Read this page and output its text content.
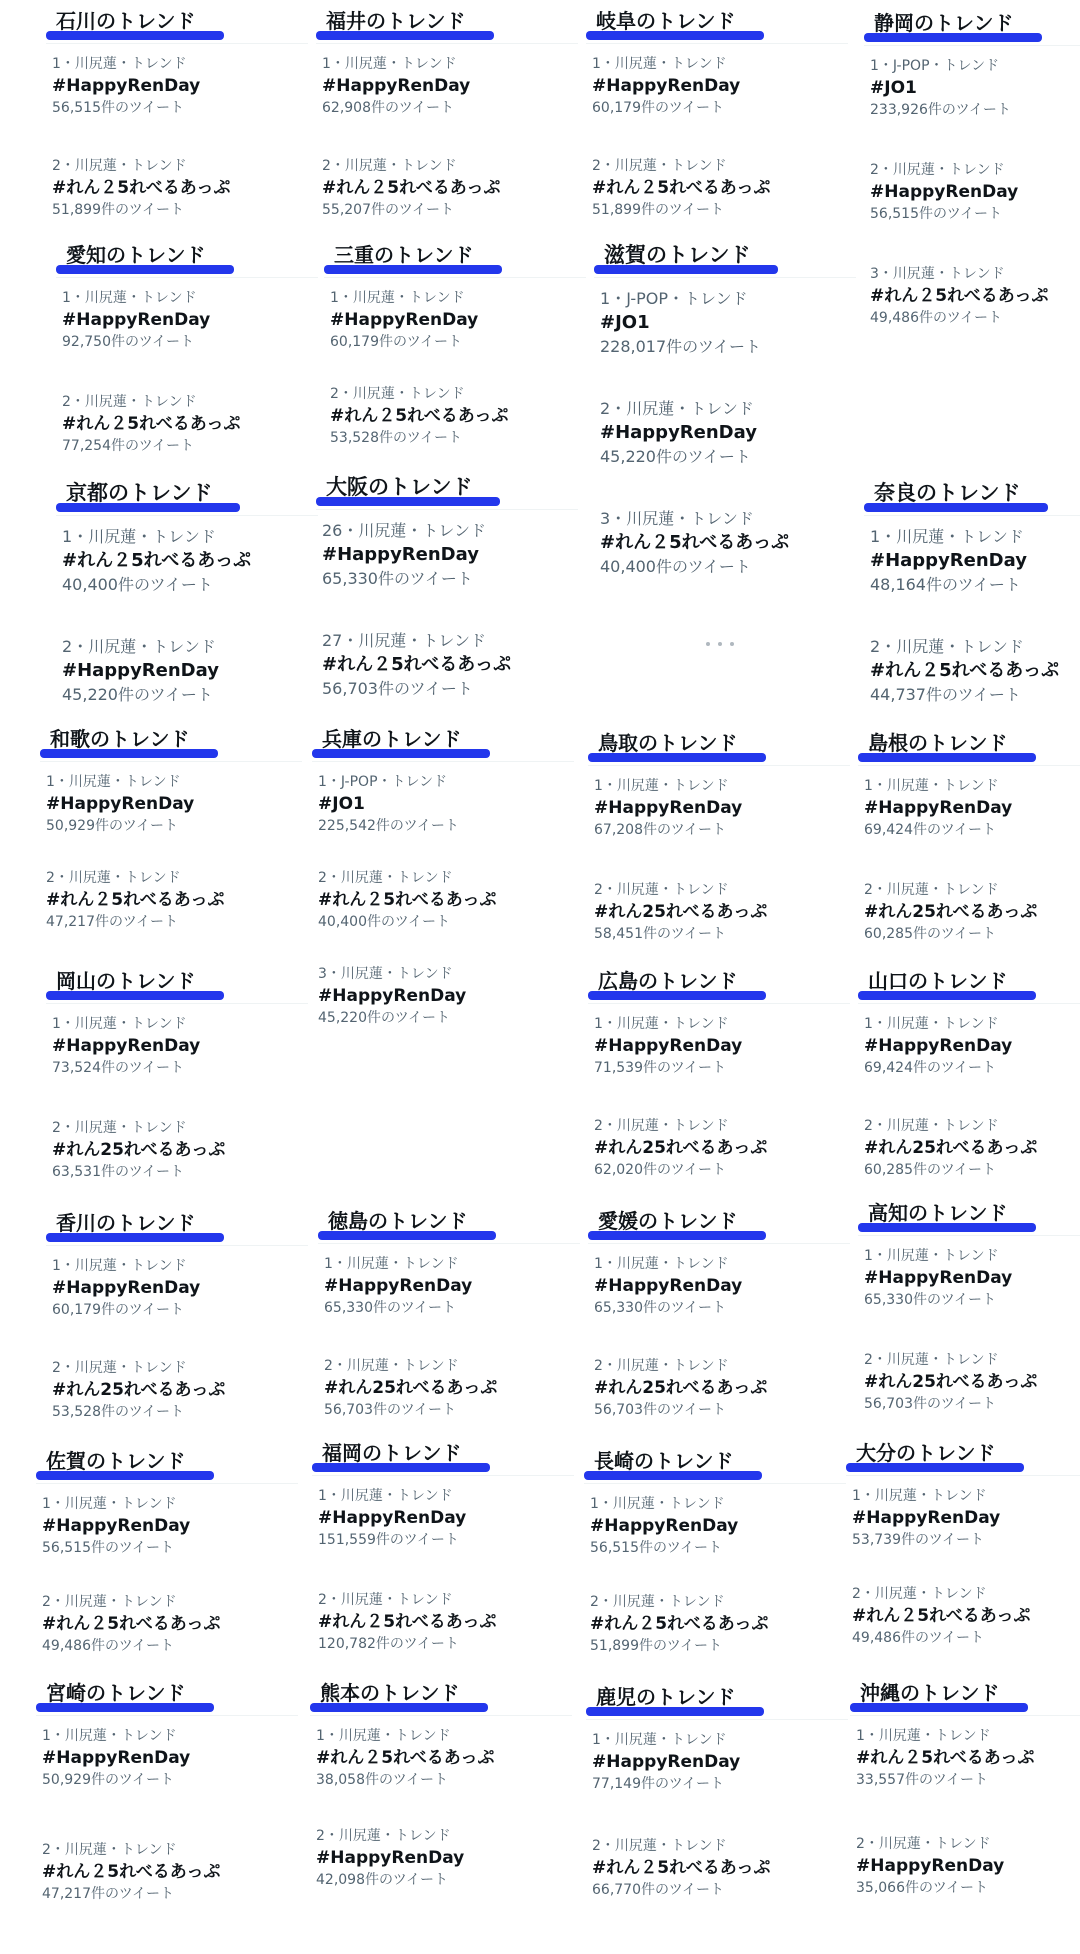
石川のトレンド
1・川尻蓮・トレンド
#HappyRenDay
56,515件のツイート
2・川尻蓮・トレンド
#れん２5れべるあっぷ
51,899件のツイート
福井のトレンド
1・川尻蓮・トレンド
#HappyRenDay
62,908件のツイート
2・川尻蓮・トレンド
#れん２5れべるあっぷ
55,207件のツイート
岐阜のトレンド
1・川尻蓮・トレンド
#HappyRenDay
60,179件のツイート
2・川尻蓮・トレンド
#れん２5れべるあっぷ
51,899件のツイート
静岡のトレンド
1・J-POP・トレンド
#JO1
233,926件のツイート
2・川尻蓮・トレンド
#HappyRenDay
56,515件のツイート
3・川尻蓮・トレンド
#れん２5れべるあっぷ
49,486件のツイート
愛知のトレンド
1・川尻蓮・トレンド
#HappyRenDay
92,750件のツイート
2・川尻蓮・トレンド
#れん２5れべるあっぷ
77,254件のツイート
三重のトレンド
1・川尻蓮・トレンド
#HappyRenDay
60,179件のツイート
2・川尻蓮・トレンド
#れん２5れべるあっぷ
53,528件のツイート
滋賀のトレンド
1・J-POP・トレンド
#JO1
228,017件のツイート
2・川尻蓮・トレンド
#HappyRenDay
45,220件のツイート
3・川尻蓮・トレンド
#れん２5れべるあっぷ
40,400件のツイート
京都のトレンド
1・川尻蓮・トレンド
#れん２5れべるあっぷ
40,400件のツイート
2・川尻蓮・トレンド
#HappyRenDay
45,220件のツイート
大阪のトレンド
26・川尻蓮・トレンド
#HappyRenDay
65,330件のツイート
27・川尻蓮・トレンド
#れん２5れべるあっぷ
56,703件のツイート
奈良のトレンド
1・川尻蓮・トレンド
#HappyRenDay
48,164件のツイート
2・川尻蓮・トレンド
#れん２5れべるあっぷ
44,737件のツイート
和歌のトレンド
1・川尻蓮・トレンド
#HappyRenDay
50,929件のツイート
2・川尻蓮・トレンド
#れん２5れべるあっぷ
47,217件のツイート
兵庫のトレンド
1・J-POP・トレンド
#JO1
225,542件のツイート
2・川尻蓮・トレンド
#れん２5れべるあっぷ
40,400件のツイート
3・川尻蓮・トレンド
#HappyRenDay
45,220件のツイート
鳥取のトレンド
1・川尻蓮・トレンド
#HappyRenDay
67,208件のツイート
2・川尻蓮・トレンド
#れん25れべるあっぷ
58,451件のツイート
島根のトレンド
1・川尻蓮・トレンド
#HappyRenDay
69,424件のツイート
2・川尻蓮・トレンド
#れん25れべるあっぷ
60,285件のツイート
岡山のトレンド
1・川尻蓮・トレンド
#HappyRenDay
73,524件のツイート
2・川尻蓮・トレンド
#れん25れべるあっぷ
63,531件のツイート
広島のトレンド
1・川尻蓮・トレンド
#HappyRenDay
71,539件のツイート
2・川尻蓮・トレンド
#れん25れべるあっぷ
62,020件のツイート
山口のトレンド
1・川尻蓮・トレンド
#HappyRenDay
69,424件のツイート
2・川尻蓮・トレンド
#れん25れべるあっぷ
60,285件のツイート
香川のトレンド
1・川尻蓮・トレンド
#HappyRenDay
60,179件のツイート
2・川尻蓮・トレンド
#れん25れべるあっぷ
53,528件のツイート
徳島のトレンド
1・川尻蓮・トレンド
#HappyRenDay
65,330件のツイート
2・川尻蓮・トレンド
#れん25れべるあっぷ
56,703件のツイート
愛媛のトレンド
1・川尻蓮・トレンド
#HappyRenDay
65,330件のツイート
2・川尻蓮・トレンド
#れん25れべるあっぷ
56,703件のツイート
高知のトレンド
1・川尻蓮・トレンド
#HappyRenDay
65,330件のツイート
2・川尻蓮・トレンド
#れん25れべるあっぷ
56,703件のツイート
佐賀のトレンド
1・川尻蓮・トレンド
#HappyRenDay
56,515件のツイート
2・川尻蓮・トレンド
#れん２5れべるあっぷ
49,486件のツイート
福岡のトレンド
1・川尻蓮・トレンド
#HappyRenDay
151,559件のツイート
2・川尻蓮・トレンド
#れん２5れべるあっぷ
120,782件のツイート
長崎のトレンド
1・川尻蓮・トレンド
#HappyRenDay
56,515件のツイート
2・川尻蓮・トレンド
#れん２5れべるあっぷ
51,899件のツイート
大分のトレンド
1・川尻蓮・トレンド
#HappyRenDay
53,739件のツイート
2・川尻蓮・トレンド
#れん２5れべるあっぷ
49,486件のツイート
宮崎のトレンド
1・川尻蓮・トレンド
#HappyRenDay
50,929件のツイート
2・川尻蓮・トレンド
#れん２5れべるあっぷ
47,217件のツイート
熊本のトレンド
1・川尻蓮・トレンド
#れん２5れべるあっぷ
38,058件のツイート
2・川尻蓮・トレンド
#HappyRenDay
42,098件のツイート
鹿児のトレンド
1・川尻蓮・トレンド
#HappyRenDay
77,149件のツイート
2・川尻蓮・トレンド
#れん２5れべるあっぷ
66,770件のツイート
沖縄のトレンド
1・川尻蓮・トレンド
#れん２5れべるあっぷ
33,557件のツイート
2・川尻蓮・トレンド
#HappyRenDay
35,066件のツイート
